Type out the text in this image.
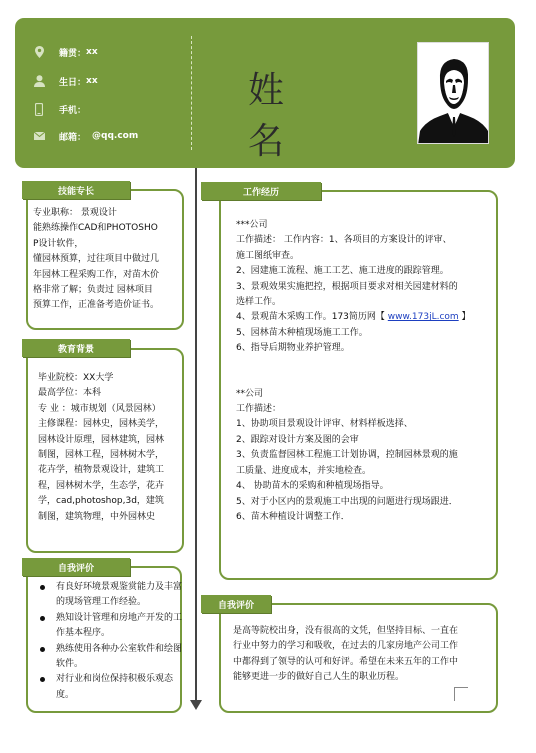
籍贯： xx
生日： xx
手机：
邮箱： @qq.com
姓 名
技能专长

专业职称： 景观设计

能熟练操作CAD和PHOTOSHO

P设计软件，

懂园林预算，过往项目中做过几

年园林工程采购工作，对苗木价

格非常了解；负责过 园林项目

预算工作，正准备考造价证书。

教育背景

毕业院校：XX大学

最高学位：本科

专 业 ：城市规划（风景园林）

主修课程：园林史，园林美学，

园林设计原理，园林建筑，园林

制图，园林工程，园林树木学，

花卉学，植物景观设计，建筑工

程，园林树木学，生态学，花卉

学，cad,photoshop,3d，建筑

制图，建筑物理，中外园林史

自我评价
有良好环境景观鉴赏能力及丰富的现场管理工作经验。
熟知设计管理和房地产开发的工作基本程序。
熟练使用各种办公室软件和绘图软件。
对行业和岗位保持积极乐观态度。
工作经历

***公司

工作描述： 工作内容：1、各项目的方案设计的评审、

施工图纸审查。

2、园建施工流程、施工工艺、施工进度的跟踪管理。

3、景观效果实施把控，根据项目要求对相关园建材料的

选样工作。

4、景观苗木采购工作。173简历网【 www.173jL.com 】

5、园林苗木种植现场施工工作。

6、指导后期物业养护管理。

**公司

工作描述：

1、协助项目景观设计评审、材料样板选择、

2、跟踪对设计方案及图的会审

3、负责监督园林工程施工计划协调，控制园林景观的施

工质量、进度成本，并实地检查。

4、 协助苗木的采购和种植现场指导。

5、对于小区内的景观施工中出现的问题进行现场跟进．

6、苗木种植设计调整工作．

自我评价

是高等院校出身，没有很高的文凭，但坚持目标、一直在

行业中努力的学习和吸收，在过去的几家房地产公司工作

中都得到了领导的认可和好评。希望在未来五年的工作中

能够更进一步的做好自己人生的职业历程。
